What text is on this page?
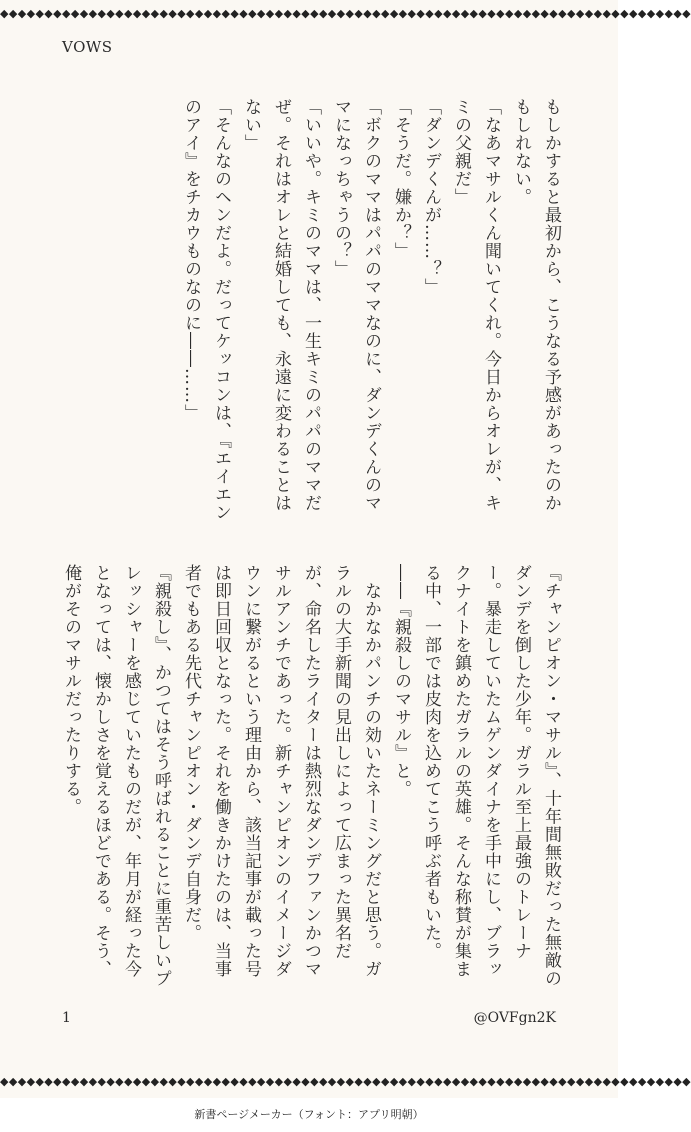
◆◆◆◆◆◆◆◆◆◆◆◆◆◆◆◆◆◆◆◆◆◆◆◆◆◆◆◆◆◆◆◆◆◆◆◆◆◆◆◆◆◆◆◆◆◆◆◆◆◆◆◆◆◆◆◆◆◆◆◆◆◆◆◆◆◆◆◆◆◆◆◆◆◆◆◆◆◆
VOWS

もしかすると最初から、こうなる予感があったのかもしれない。

「なあマサルくん聞いてくれ。今日からオレが、キミの父親だ」

「ダンデくんが……？」

「そうだ。嫌か？」

「ボクのママはパパのママなのに、ダンデくんのママになっちゃうの？」

「いいや。キミのママは、一生キミのパパのママだぜ。それはオレと結婚しても、永遠に変わることはない」

「そんなのヘンだよ。だってケッコンは、『エイエンのアイ』をチカウものなのに――……」

『チャンピオン・マサル』、十年間無敗だった無敵のダンデを倒した少年。ガラル至上最強のトレーナー。暴走していたムゲンダイナを手中にし、ブラックナイトを鎮めたガラルの英雄。そんな称賛が集まる中、一部では皮肉を込めてこう呼ぶ者もいた。――『親殺しのマサル』と。

　なかなかパンチの効いたネーミングだと思う。ガラルの大手新聞の見出しによって広まった異名だが、命名したライターは熱烈なダンデファンかつマサルアンチであった。新チャンピオンのイメージダウンに繋がるという理由から、該当記事が載った号は即日回収となった。それを働きかけたのは、当事者でもある先代チャンピオン・ダンデ自身だ。

『親殺し』、かつてはそう呼ばれることに重苦しいプレッシャーを感じていたものだが、年月が経った今となっては、懐かしさを覚えるほどである。そう、俺がそのマサルだったりする。

1	@OVFgn2K
◆◆◆◆◆◆◆◆◆◆◆◆◆◆◆◆◆◆◆◆◆◆◆◆◆◆◆◆◆◆◆◆◆◆◆◆◆◆◆◆◆◆◆◆◆◆◆◆◆◆◆◆◆◆◆◆◆◆◆◆◆◆◆◆◆◆◆◆◆◆◆◆◆◆◆◆◆◆
新書ページメーカー（フォント：アプリ明朝）
